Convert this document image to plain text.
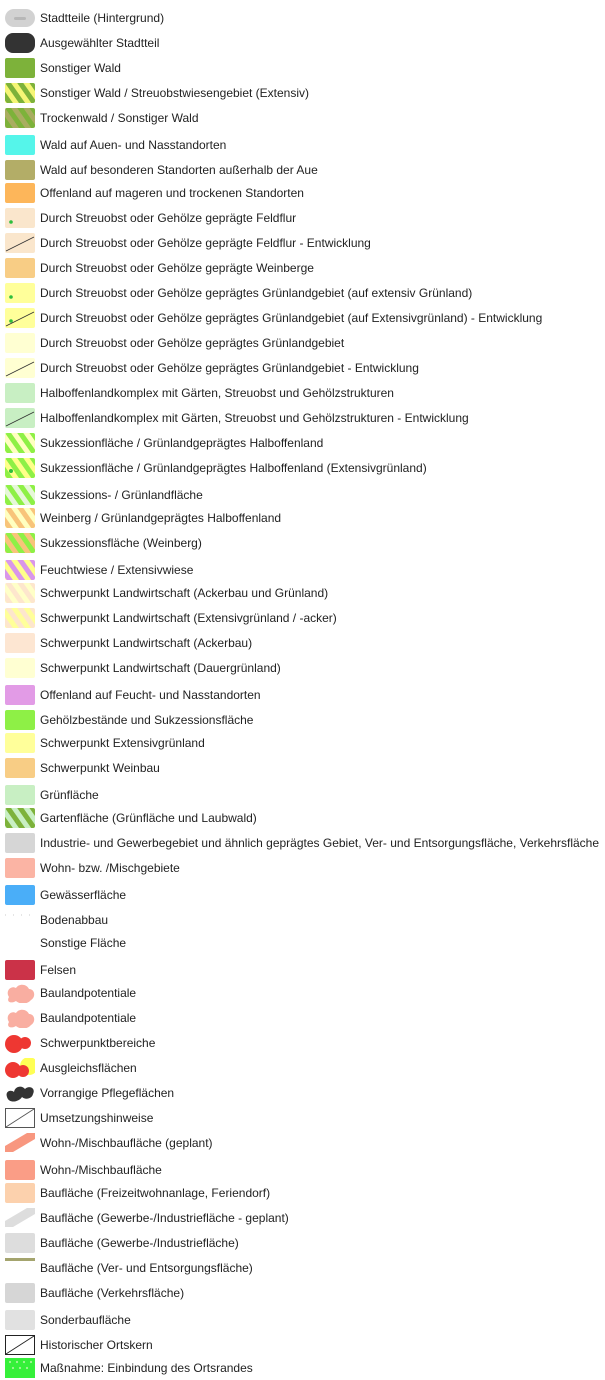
Stadtteile (Hintergrund)
Ausgewählter Stadtteil
Sonstiger Wald
Sonstiger Wald / Streuobstwiesengebiet (Extensiv)
Trockenwald / Sonstiger Wald
Wald auf Auen- und Nasstandorten
Wald auf besonderen Standorten außerhalb der Aue
Offenland auf mageren und trockenen Standorten
Durch Streuobst oder Gehölze geprägte Feldflur
Durch Streuobst oder Gehölze geprägte Feldflur - Entwicklung
Durch Streuobst oder Gehölze geprägte Weinberge
Durch Streuobst oder Gehölze geprägtes Grünlandgebiet (auf extensiv Grünland)
Durch Streuobst oder Gehölze geprägtes Grünlandgebiet (auf Extensivgrünland) - Entwicklung
Durch Streuobst oder Gehölze geprägtes Grünlandgebiet
Durch Streuobst oder Gehölze geprägtes Grünlandgebiet - Entwicklung
Halboffenlandkomplex mit Gärten, Streuobst und Gehölzstrukturen
Halboffenlandkomplex mit Gärten, Streuobst und Gehölzstrukturen - Entwicklung
Sukzessionfläche / Grünlandgeprägtes Halboffenland
Sukzessionfläche / Grünlandgeprägtes Halboffenland (Extensivgrünland)
Sukzessions- / Grünlandfläche
Weinberg / Grünlandgeprägtes Halboffenland
Sukzessionsfläche (Weinberg)
Feuchtwiese / Extensivwiese
Schwerpunkt Landwirtschaft (Ackerbau und Grünland)
Schwerpunkt Landwirtschaft (Extensivgrünland / -acker)
Schwerpunkt Landwirtschaft (Ackerbau)
Schwerpunkt Landwirtschaft (Dauergrünland)
Offenland auf Feucht- und Nasstandorten
Gehölzbestände und Sukzessionsfläche
Schwerpunkt Extensivgrünland
Schwerpunkt Weinbau
Grünfläche
Gartenfläche (Grünfläche und Laubwald)
Industrie- und Gewerbegebiet und ähnlich geprägtes Gebiet, Ver- und Entsorgungsfläche, Verkehrsfläche
Wohn- bzw. /Mischgebiete
Gewässerfläche
Bodenabbau
Sonstige Fläche
Felsen
Baulandpotentiale
Baulandpotentiale
Schwerpunktbereiche
Ausgleichsflächen
Vorrangige Pflegeflächen
Umsetzungshinweise
Wohn-/Mischbaufläche (geplant)
Wohn-/Mischbaufläche
Baufläche (Freizeitwohnanlage, Feriendorf)
Baufläche (Gewerbe-/Industriefläche - geplant)
Baufläche (Gewerbe-/Industriefläche)
Baufläche (Ver- und Entsorgungsfläche)
Baufläche (Verkehrsfläche)
Sonderbaufläche
Historischer Ortskern
Maßnahme: Einbindung des Ortsrandes
